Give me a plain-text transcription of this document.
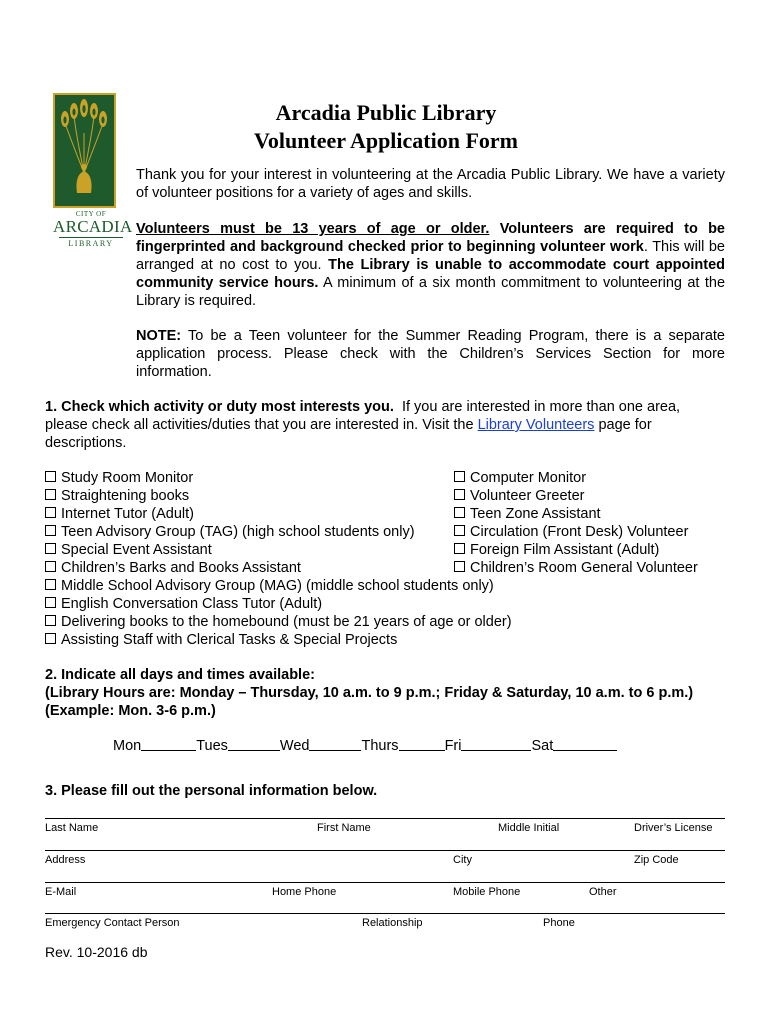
CITY OF
ARCADIA
LIBRARY
Arcadia Public Library
Volunteer Application Form
Thank you for your interest in volunteering at the Arcadia Public Library. We have a variety of volunteer positions for a variety of ages and skills.
Volunteers must be 13 years of age or older. Volunteers are required to be fingerprinted and background checked prior to beginning volunteer work. This will be arranged at no cost to you. The Library is unable to accommodate court appointed community service hours. A minimum of a six month commitment to volunteering at the Library is required.
NOTE: To be a Teen volunteer for the Summer Reading Program, there is a separate application process. Please check with the Children’s Services Section for more information.
1. Check which activity or duty most interests you. If you are interested in more than one area, please check all activities/duties that you are interested in. Visit the Library Volunteers page for descriptions.
Study Room Monitor
Straightening books
Internet Tutor (Adult)
Teen Advisory Group (TAG) (high school students only)
Special Event Assistant
Children’s Barks and Books Assistant
Middle School Advisory Group (MAG) (middle school students only)
English Conversation Class Tutor (Adult)
Delivering books to the homebound (must be 21 years of age or older)
Assisting Staff with Clerical Tasks & Special Projects
Computer Monitor
Volunteer Greeter
Teen Zone Assistant
Circulation (Front Desk) Volunteer
Foreign Film Assistant (Adult)
Children’s Room General Volunteer
2. Indicate all days and times available:
(Library Hours are: Monday – Thursday, 10 a.m. to 9 p.m.; Friday & Saturday, 10 a.m. to 6 p.m.)
(Example: Mon. 3-6 p.m.)
Mon	Tues	Wed	Thurs	Fri	Sat
3. Please fill out the personal information below.
Last Name	First Name	Middle Initial	Driver’s License
Address	City	Zip Code
E-Mail	Home Phone	Mobile Phone	Other
Emergency Contact Person	Relationship	Phone
Rev. 10-2016 db
